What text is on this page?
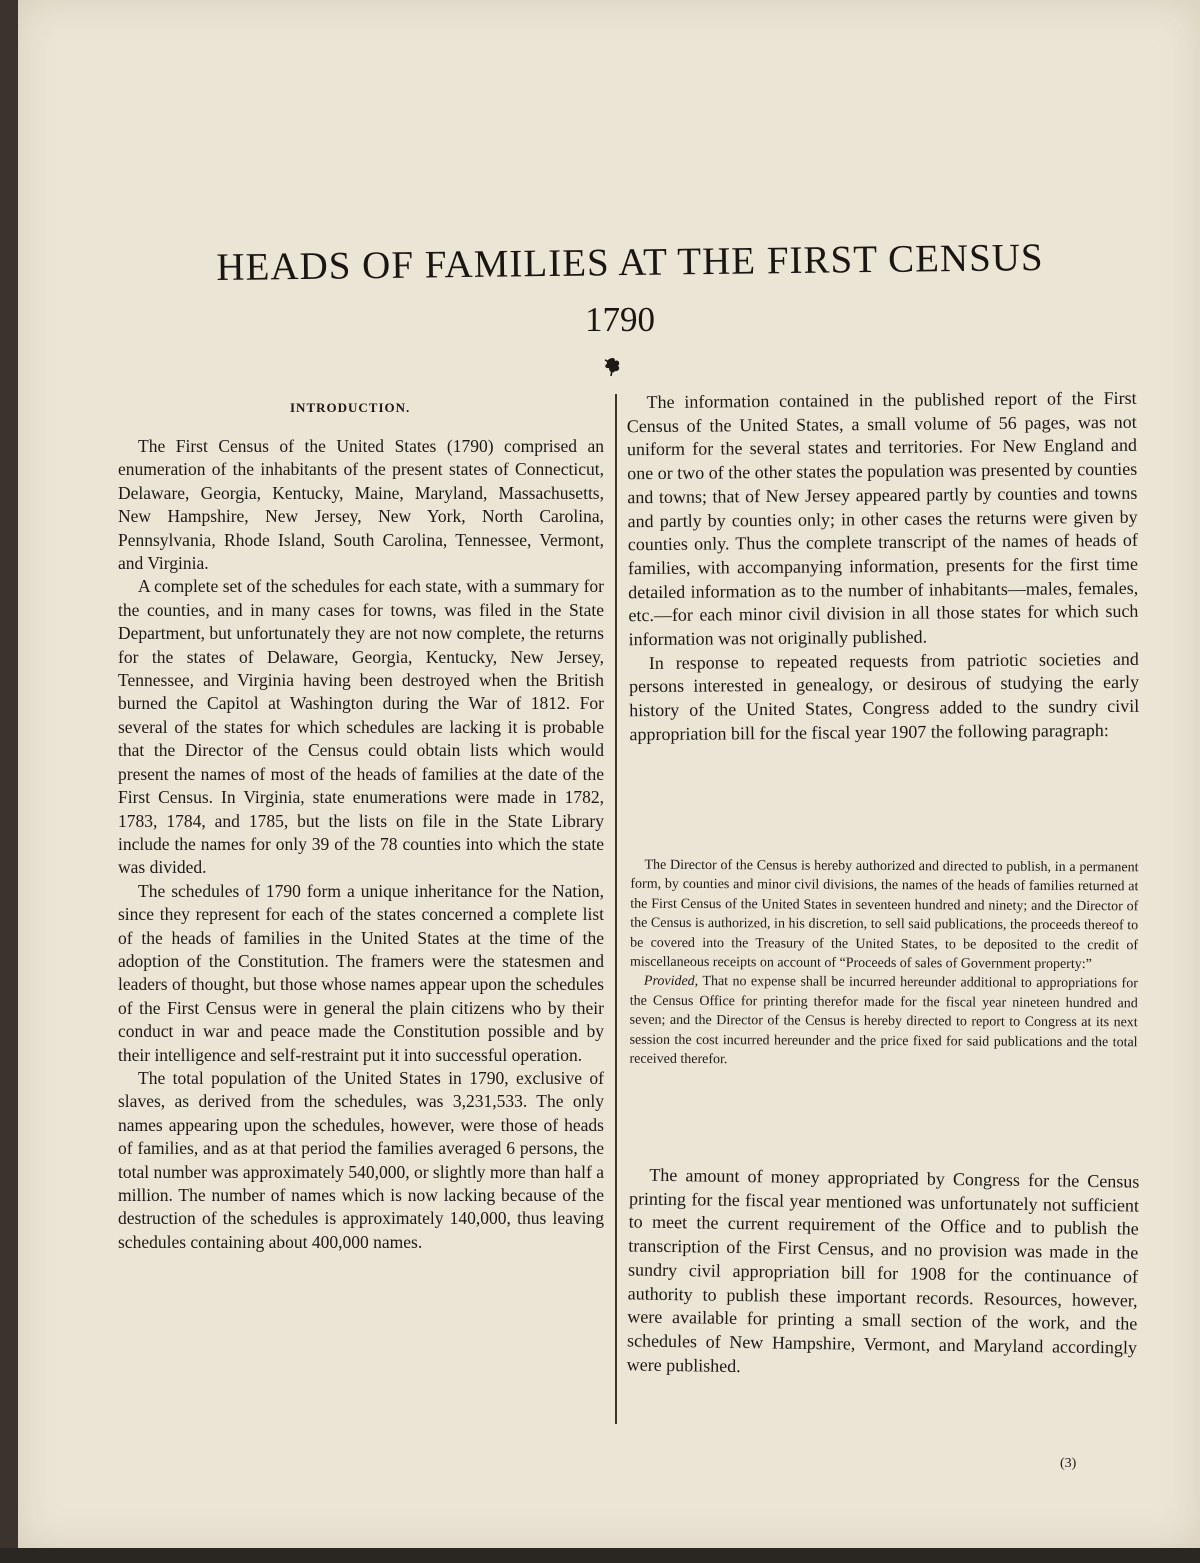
HEADS OF FAMILIES AT THE FIRST CENSUS
1790
INTRODUCTION.

The First Census of the United States (1790) comprised an enumeration of the inhabitants of the present states of Connecticut, Delaware, Georgia, Kentucky, Maine, Maryland, Massachusetts, New Hampshire, New Jersey, New York, North Carolina, Pennsylvania, Rhode Island, South Carolina, Tennessee, Vermont, and Virginia.

A complete set of the schedules for each state, with a summary for the counties, and in many cases for towns, was filed in the State Department, but unfortunately they are not now complete, the returns for the states of Delaware, Georgia, Kentucky, New Jersey, Tennessee, and Virginia having been destroyed when the British burned the Capitol at Washington during the War of 1812. For several of the states for which schedules are lacking it is probable that the Director of the Census could obtain lists which would present the names of most of the heads of families at the date of the First Census. In Virginia, state enumerations were made in 1782, 1783, 1784, and 1785, but the lists on file in the State Library include the names for only 39 of the 78 counties into which the state was divided.

The schedules of 1790 form a unique inheritance for the Nation, since they represent for each of the states concerned a complete list of the heads of families in the United States at the time of the adoption of the Constitution. The framers were the statesmen and leaders of thought, but those whose names appear upon the schedules of the First Census were in general the plain citizens who by their conduct in war and peace made the Constitution possible and by their intelligence and self-restraint put it into successful operation.

The total population of the United States in 1790, exclusive of slaves, as derived from the schedules, was 3,231,533. The only names appearing upon the schedules, however, were those of heads of families, and as at that period the families averaged 6 persons, the total number was approximately 540,000, or slightly more than half a million. The number of names which is now lacking because of the destruction of the schedules is approximately 140,000, thus leaving schedules containing about 400,000 names.

The information contained in the published report of the First Census of the United States, a small volume of 56 pages, was not uniform for the several states and territories. For New England and one or two of the other states the population was presented by counties and towns; that of New Jersey appeared partly by counties and towns and partly by counties only; in other cases the returns were given by counties only. Thus the complete transcript of the names of heads of families, with accompanying information, presents for the first time detailed information as to the number of inhabitants—males, females, etc.—for each minor civil division in all those states for which such information was not originally published.

In response to repeated requests from patriotic societies and persons interested in genealogy, or desirous of studying the early history of the United States, Congress added to the sundry civil appropriation bill for the fiscal year 1907 the following paragraph:

The Director of the Census is hereby authorized and directed to publish, in a permanent form, by counties and minor civil divisions, the names of the heads of families returned at the First Census of the United States in seventeen hundred and ninety; and the Director of the Census is authorized, in his discretion, to sell said publications, the proceeds thereof to be covered into the Treasury of the United States, to be deposited to the credit of miscellaneous receipts on account of “Proceeds of sales of Government property:”

Provided, That no expense shall be incurred hereunder additional to appropriations for the Census Office for printing therefor made for the fiscal year nineteen hundred and seven; and the Director of the Census is hereby directed to report to Congress at its next session the cost incurred hereunder and the price fixed for said publications and the total received therefor.

The amount of money appropriated by Congress for the Census printing for the fiscal year mentioned was unfortunately not sufficient to meet the current requirement of the Office and to publish the transcription of the First Census, and no provision was made in the sundry civil appropriation bill for 1908 for the continuance of authority to publish these important records. Resources, however, were available for printing a small section of the work, and the schedules of New Hampshire, Vermont, and Maryland accordingly were published.

(3)
